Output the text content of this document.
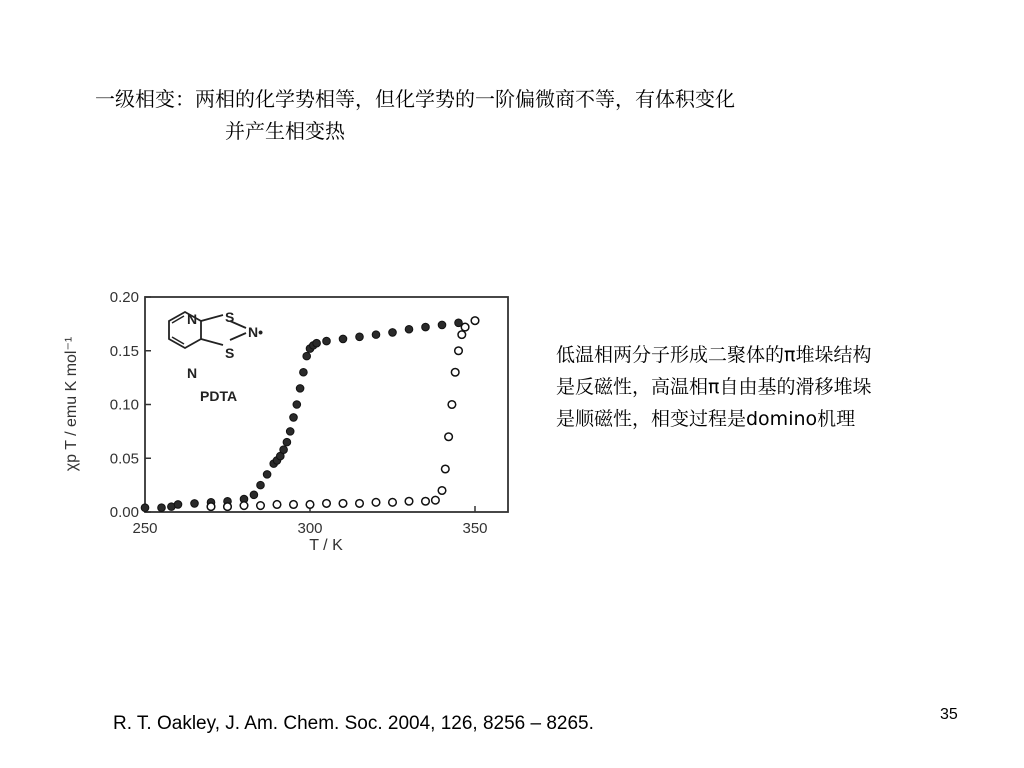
一级相变：两相的化学势相等，但化学势的一阶偏微商不等，有体积变化
并产生相变热
250	300	350
0.20
0.15
0.10
0.05
0.00
N
N
S
S
N•
PDTA
T / K
χp T / emu K mol⁻¹	低温相两分子形成二聚体的π堆垛结构
是反磁性，高温相π自由基的滑移堆垛
是顺磁性，相变过程是domino机理
R. T. Oakley, J. Am. Chem. Soc. 2004, 126, 8256 – 8265.	35
